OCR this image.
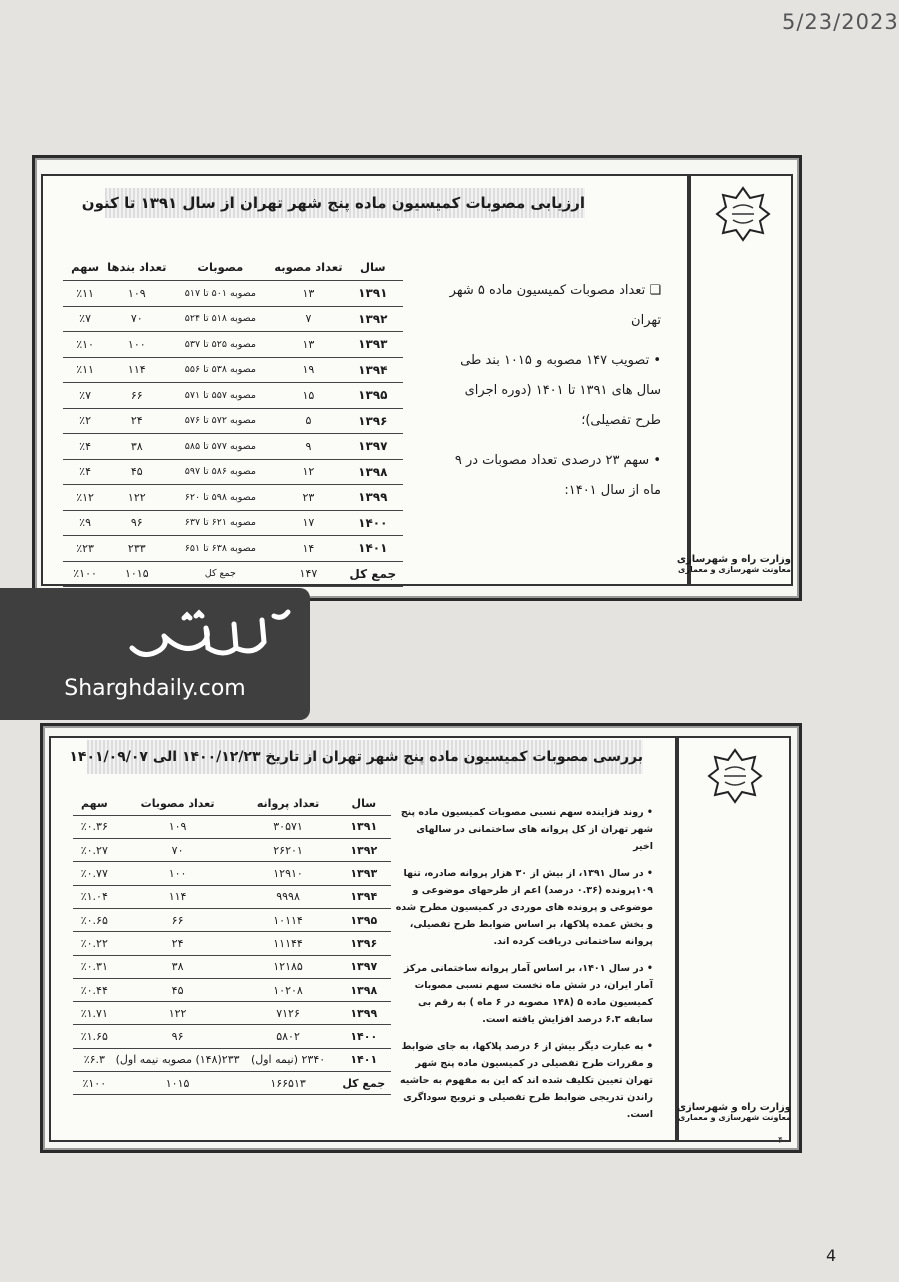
5/23/2023
وزارت راه و شهرسازی
معاونت شهرسازی و معماری
ارزیابی مصوبات کمیسیون ماده پنج شهر تهران از سال ۱۳۹۱ تا کنون

❏ تعداد مصوبات کمیسیون ماده ۵ شهر تهران

• تصویب ۱۴۷ مصوبه و ۱۰۱۵ بند طی سال های ۱۳۹۱ تا ۱۴۰۱ (دوره اجرای طرح تفصیلی)؛

• سهم ۲۳ درصدی تعداد مصوبات در ۹ ماه از سال ۱۴۰۱:

سال	تعداد مصوبه	مصوبات	تعداد بندها	سهم
۱۳۹۱	۱۳	مصوبه ۵۰۱ تا ۵۱۷	۱۰۹	٪۱۱
۱۳۹۲	۷	مصوبه ۵۱۸ تا ۵۲۴	۷۰	٪۷
۱۳۹۳	۱۳	مصوبه ۵۲۵ تا ۵۳۷	۱۰۰	٪۱۰
۱۳۹۴	۱۹	مصوبه ۵۳۸ تا ۵۵۶	۱۱۴	٪۱۱
۱۳۹۵	۱۵	مصوبه ۵۵۷ تا ۵۷۱	۶۶	٪۷
۱۳۹۶	۵	مصوبه ۵۷۲ تا ۵۷۶	۲۴	٪۲
۱۳۹۷	۹	مصوبه ۵۷۷ تا ۵۸۵	۳۸	٪۴
۱۳۹۸	۱۲	مصوبه ۵۸۶ تا ۵۹۷	۴۵	٪۴
۱۳۹۹	۲۳	مصوبه ۵۹۸ تا ۶۲۰	۱۲۲	٪۱۲
۱۴۰۰	۱۷	مصوبه ۶۲۱ تا ۶۳۷	۹۶	٪۹
۱۴۰۱	۱۴	مصوبه ۶۳۸ تا ۶۵۱	۲۳۳	٪۲۳
جمع کل	۱۴۷	جمع کل	۱۰۱۵	٪۱۰۰
Sharghdaily.com
وزارت راه و شهرسازی
معاونت شهرسازی و معماری
بررسی مصوبات کمیسیون ماده پنج شهر تهران از تاریخ ۱۴۰۰/۱۲/۲۳ الی ۱۴۰۱/۰۹/۰۷

• روند فزاینده سهم نسبی مصوبات کمیسیون ماده پنج شهر تهران از کل پروانه های ساختمانی در سالهای اخیر

• در سال ۱۳۹۱، از بیش از ۳۰ هزار پروانه صادره، تنها ۱۰۹پرونده (۰.۳۶ درصد) اعم از طرحهای موضوعی و موضوعی و پرونده های موردی در کمیسیون مطرح شده و بخش عمده پلاکها، بر اساس ضوابط طرح تفصیلی، پروانه ساختمانی دریافت کرده اند.

• در سال ۱۴۰۱، بر اساس آمار پروانه ساختمانی مرکز آمار ایران، در شش ماه نخست سهم نسبی مصوبات کمیسیون ماده ۵ (۱۴۸ مصوبه در ۶ ماه ) به رقم بی سابقه ۶.۳ درصد افزایش یافته است.

• به عبارت دیگر بیش از ۶ درصد پلاکها، به جای ضوابط و مقررات طرح تفصیلی در کمیسیون ماده پنج شهر تهران تعیین تکلیف شده اند که این به مفهوم به حاشیه راندن تدریجی ضوابط طرح تفصیلی و ترویج سوداگری است.

سال	تعداد پروانه	تعداد مصوبات	سهم
۱۳۹۱	۳۰۵۷۱	۱۰۹	٪۰.۳۶
۱۳۹۲	۲۶۲۰۱	۷۰	٪۰.۲۷
۱۳۹۳	۱۲۹۱۰	۱۰۰	٪۰.۷۷
۱۳۹۴	۹۹۹۸	۱۱۴	٪۱.۰۴
۱۳۹۵	۱۰۱۱۴	۶۶	٪۰.۶۵
۱۳۹۶	۱۱۱۴۴	۲۴	٪۰.۲۲
۱۳۹۷	۱۲۱۸۵	۳۸	٪۰.۳۱
۱۳۹۸	۱۰۲۰۸	۴۵	٪۰.۴۴
۱۳۹۹	۷۱۲۶	۱۲۲	٪۱.۷۱
۱۴۰۰	۵۸۰۲	۹۶	٪۱.۶۵
۱۴۰۱	۲۳۴۰ (نیمه اول)	۲۳۳(۱۴۸) مصوبه نیمه اول)	٪۶.۳
جمع کل	۱۶۶۵۱۳	۱۰۱۵	٪۱۰۰
۴۰
4
